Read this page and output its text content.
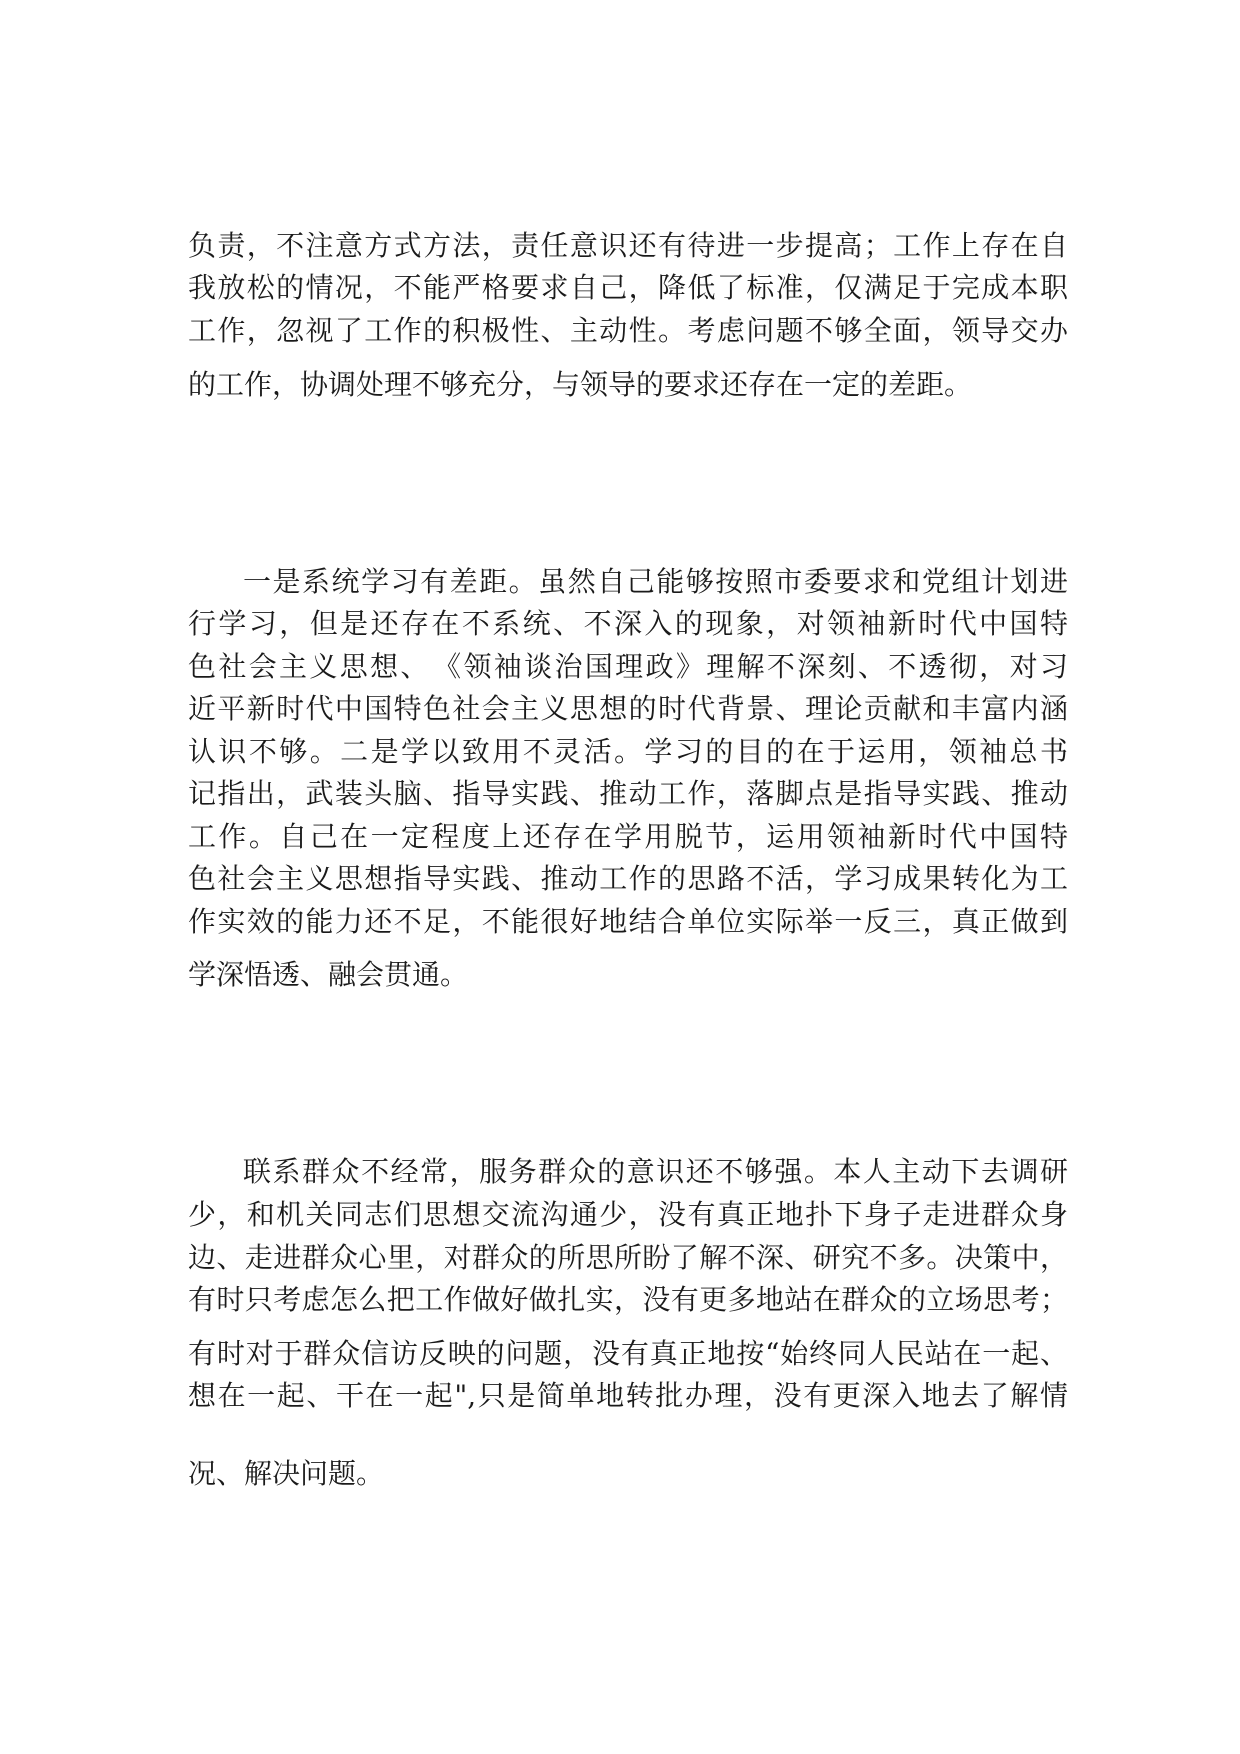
负责，不注意方式方法，责任意识还有待进一步提高；工作上存在自
我放松的情况，不能严格要求自己，降低了标准，仅满足于完成本职
工作，忽视了工作的积极性、主动性。考虑问题不够全面，领导交办
的工作，协调处理不够充分，与领导的要求还存在一定的差距。
一是系统学习有差距。虽然自己能够按照市委要求和党组计划进
行学习，但是还存在不系统、不深入的现象，对领袖新时代中国特
色社会主义思想、　《领袖谈治国理政》理解不深刻、不透彻，对习
近平新时代中国特色社会主义思想的时代背景、理论贡献和丰富内涵
认识不够。二是学以致用不灵活。学习的目的在于运用，领袖总书
记指出，武装头脑、指导实践、推动工作，落脚点是指导实践、推动
工作。自己在一定程度上还存在学用脱节，运用领袖新时代中国特
色社会主义思想指导实践、推动工作的思路不活，学习成果转化为工
作实效的能力还不足，不能很好地结合单位实际举一反三，真正做到
学深悟透、融会贯通。
联系群众不经常，服务群众的意识还不够强。本人主动下去调研
少，和机关同志们思想交流沟通少，没有真正地扑下身子走进群众身
边、走进群众心里，对群众的所思所盼了解不深、研究不多。决策中，
有时只考虑怎么把工作做好做扎实，没有更多地站在群众的立场思考；
有时对于群众信访反映的问题，没有真正地按“始终同人民站在一起、
想在一起、干在一起",只是简单地转批办理，没有更深入地去了解情
况、解决问题。
